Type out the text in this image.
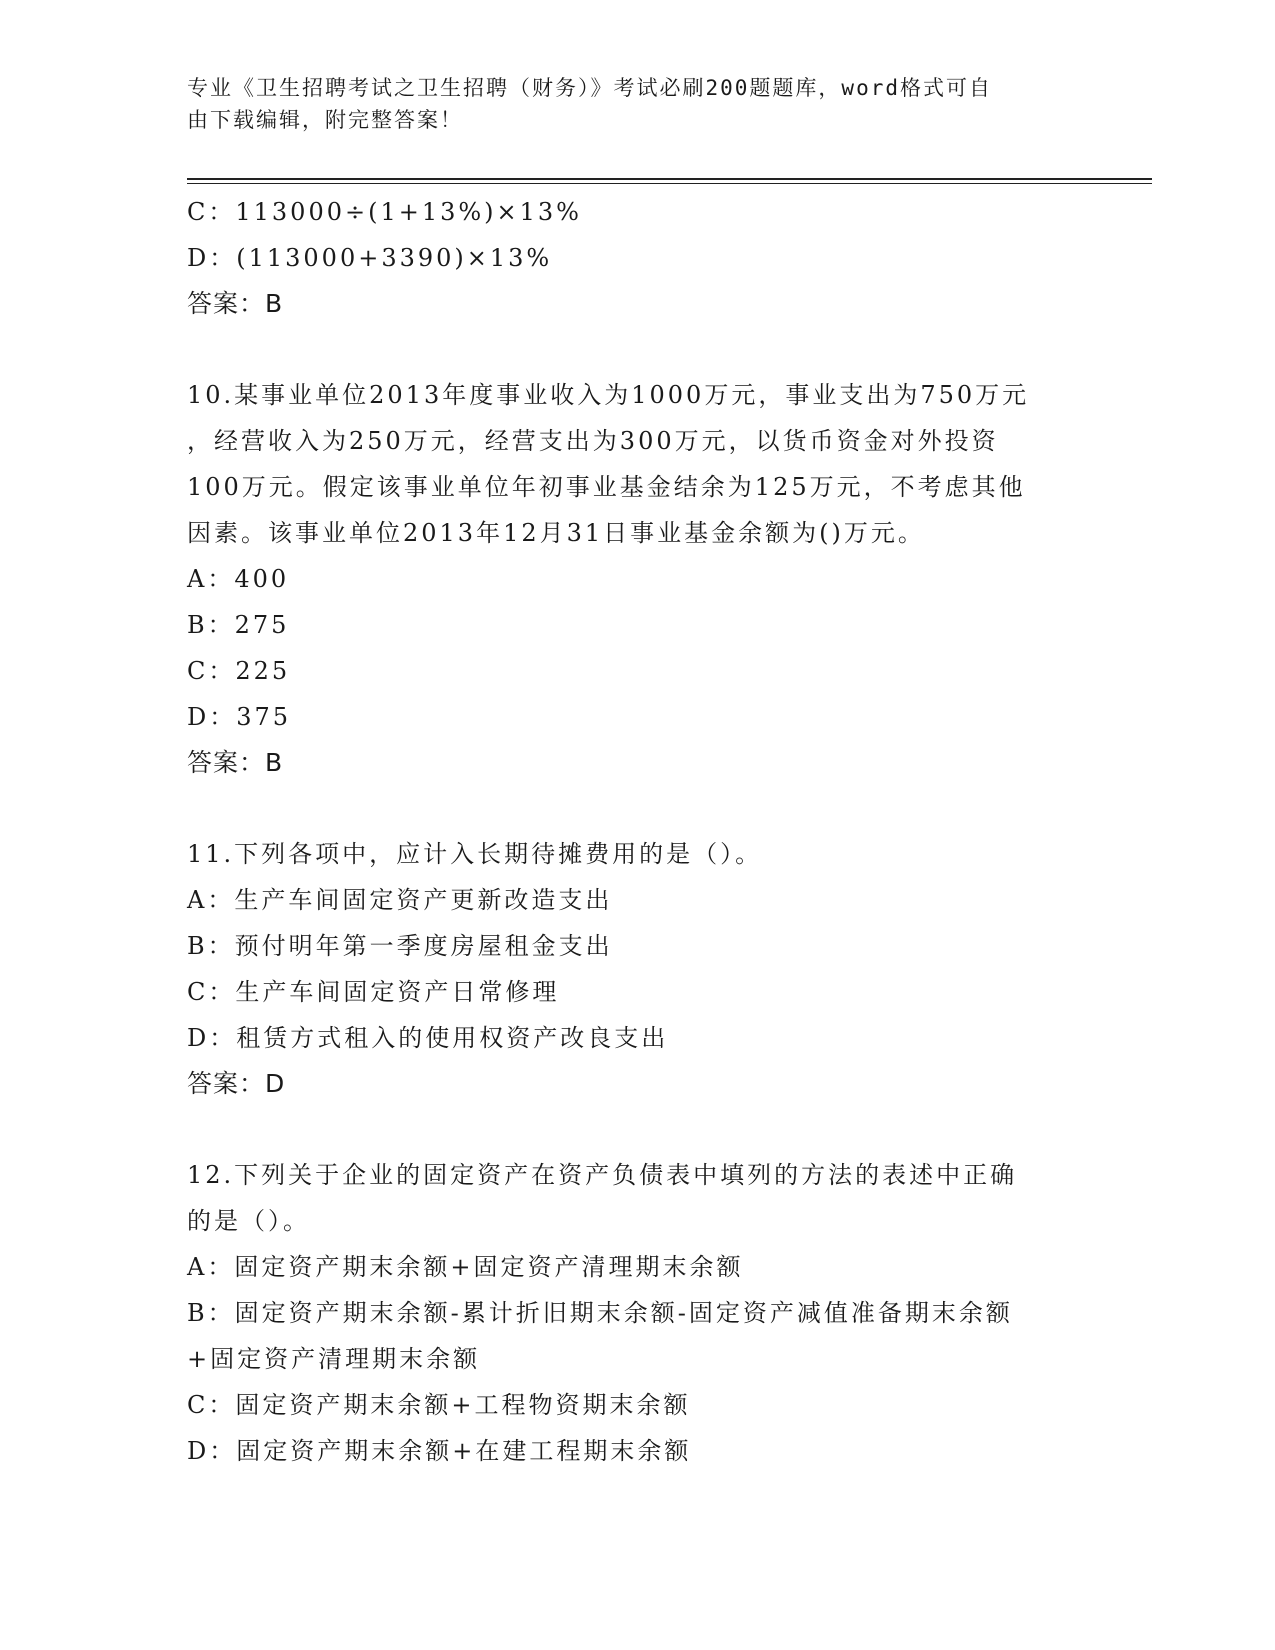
专业《卫生招聘考试之卫生招聘（财务）》考试必刷200题题库，word格式可自
由下载编辑，附完整答案！
C：113000÷(1+13%)×13%
D：(113000+3390)×13%
答案：B
10.某事业单位2013年度事业收入为1000万元，事业支出为750万元
，经营收入为250万元，经营支出为300万元，以货币资金对外投资
100万元。假定该事业单位年初事业基金结余为125万元，不考虑其他
因素。该事业单位2013年12月31日事业基金余额为()万元。
A：400
B：275
C：225
D：375
答案：B
11.下列各项中，应计入长期待摊费用的是（）。
A：生产车间固定资产更新改造支出
B：预付明年第一季度房屋租金支出
C：生产车间固定资产日常修理
D：租赁方式租入的使用权资产改良支出
答案：D
12.下列关于企业的固定资产在资产负债表中填列的方法的表述中正确
的是（）。
A：固定资产期末余额+固定资产清理期末余额
B：固定资产期末余额-累计折旧期末余额-固定资产减值准备期末余额
+固定资产清理期末余额
C：固定资产期末余额+工程物资期末余额
D：固定资产期末余额+在建工程期末余额
